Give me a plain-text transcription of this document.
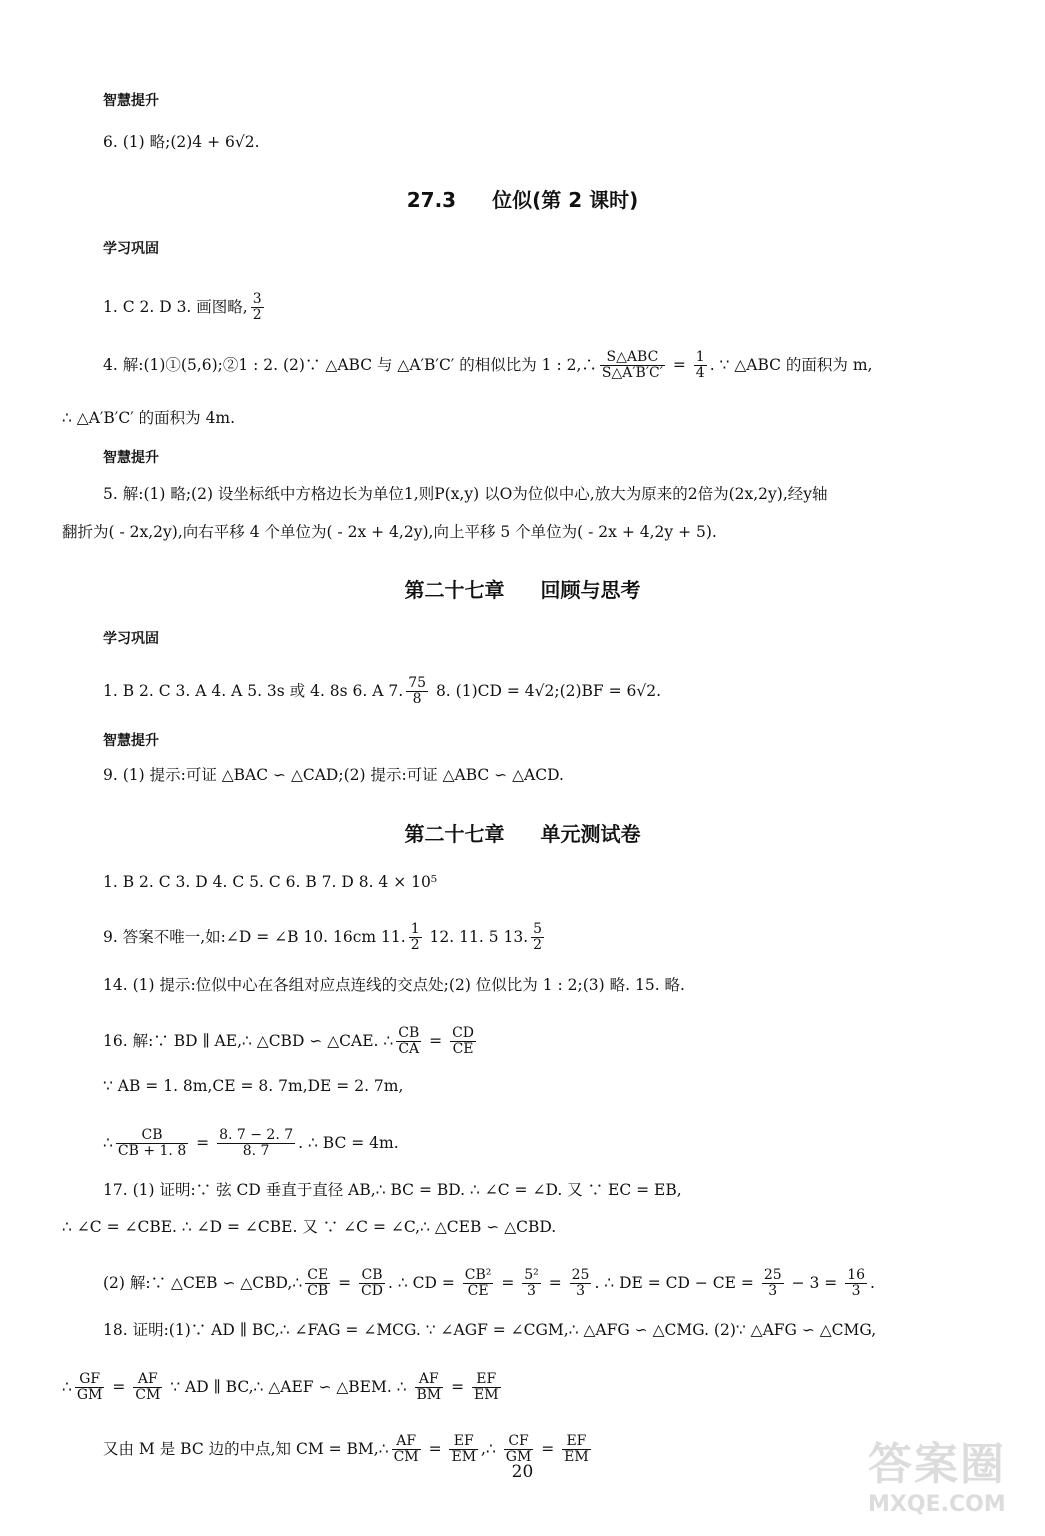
智慧提升
6. (1) 略;(2)4 + 6√2.
27.3 位似(第 2 课时)
学习巩固
1. C 2. D 3. 画图略, $\frac{3}{2}$
4. 解:(1)①(5,6);②1 : 2. (2)∵ △ABC 与 △A′B′C′ 的相似比为 1 : 2,∴ S△ABC
S△A′B′C′ = $\frac{1}{4}$ . ∵ △ABC 的面积为 m,
∴ △A′B′C′ 的面积为 4m.
智慧提升
5. 解:(1) 略;(2) 设坐标纸中方格边长为单位1,则P(x,y) 以O为位似中心,放大为原来的2倍为(2x,2y),经y轴
翻折为( - 2x,2y),向右平移 4 个单位为( - 2x + 4,2y),向上平移 5 个单位为( - 2x + 4,2y + 5).
第二十七章 回顾与思考
学习巩固
1. B 2. C 3. A 4. A 5. 3s 或 4. 8s 6. A 7. $\frac{75}{8} 8$. (1)CD = 4√2;(2)BF = 6√2.
智慧提升
9. (1) 提示:可证 △BAC ∽ △CAD;(2) 提示:可证 △ABC ∽ △ACD.
第二十七章 单元测试卷
1. B 2. C 3. D 4. C 5. C 6. B 7. D 8. 4 × 10⁵
9. 答案不唯一,如:∠D = ∠B 10. 16cm 11. $\frac{1}{2} 12$. 11. 5 13. $\frac{5}{2}$
14. (1) 提示:位似中心在各组对应点连线的交点处;(2) 位似比为 1 : 2;(3) 略. 15. 略.
16. 解:∵ BD ∥ AE,∴ △CBD ∽ △CAE. ∴ $\frac{CB}{CA} = \frac{CD}{CE}$
∵ AB = 1. 8m,CE = 8. 7m,DE = 2. 7m,
∴ $\frac{CB}{CB + 1. 8} = \frac{8. 7 - 2. 7}{8. 7}$ . ∴ BC = 4m.
17. (1) 证明:∵ 弦 CD 垂直于直径 AB,∴ BC = BD. ∴ ∠C = ∠D. 又 ∵ EC = EB,
∴ ∠C = ∠CBE. ∴ ∠D = ∠CBE. 又 ∵ ∠C = ∠C,∴ △CEB ∽ △CBD.
(2) 解:∵ △CEB ∽ △CBD,∴ $\frac{CE}{CB} = \frac{CB}{CD}$ . ∴ CD = $\frac{\text{CB²}}{CE} = \frac{\text{5²}}{3} = \frac{25}{3}$ . ∴ DE = CD − CE = $\frac{25}{3} - 3 = \frac{16}{3}$ .
18. 证明:(1)∵ AD ∥ BC,∴ ∠FAG = ∠MCG. ∵ ∠AGF = ∠CGM,∴ △AFG ∽ △CMG. (2)∵ △AFG ∽ △CMG,
∴ $\frac{GF}{GM} = \frac{AF}{CM}$ ∵ AD ∥ BC,∴ △AEF ∽ △BEM. ∴ $\frac{AF}{BM} = \frac{EF}{EM}$
又由 M 是 BC 边的中点,知 CM = BM,∴ $\frac{AF}{CM} = \frac{EF}{EM}$ ,∴ $\frac{CF}{GM} = \frac{EF}{EM}$
20	答案圈
MXQE.COM
